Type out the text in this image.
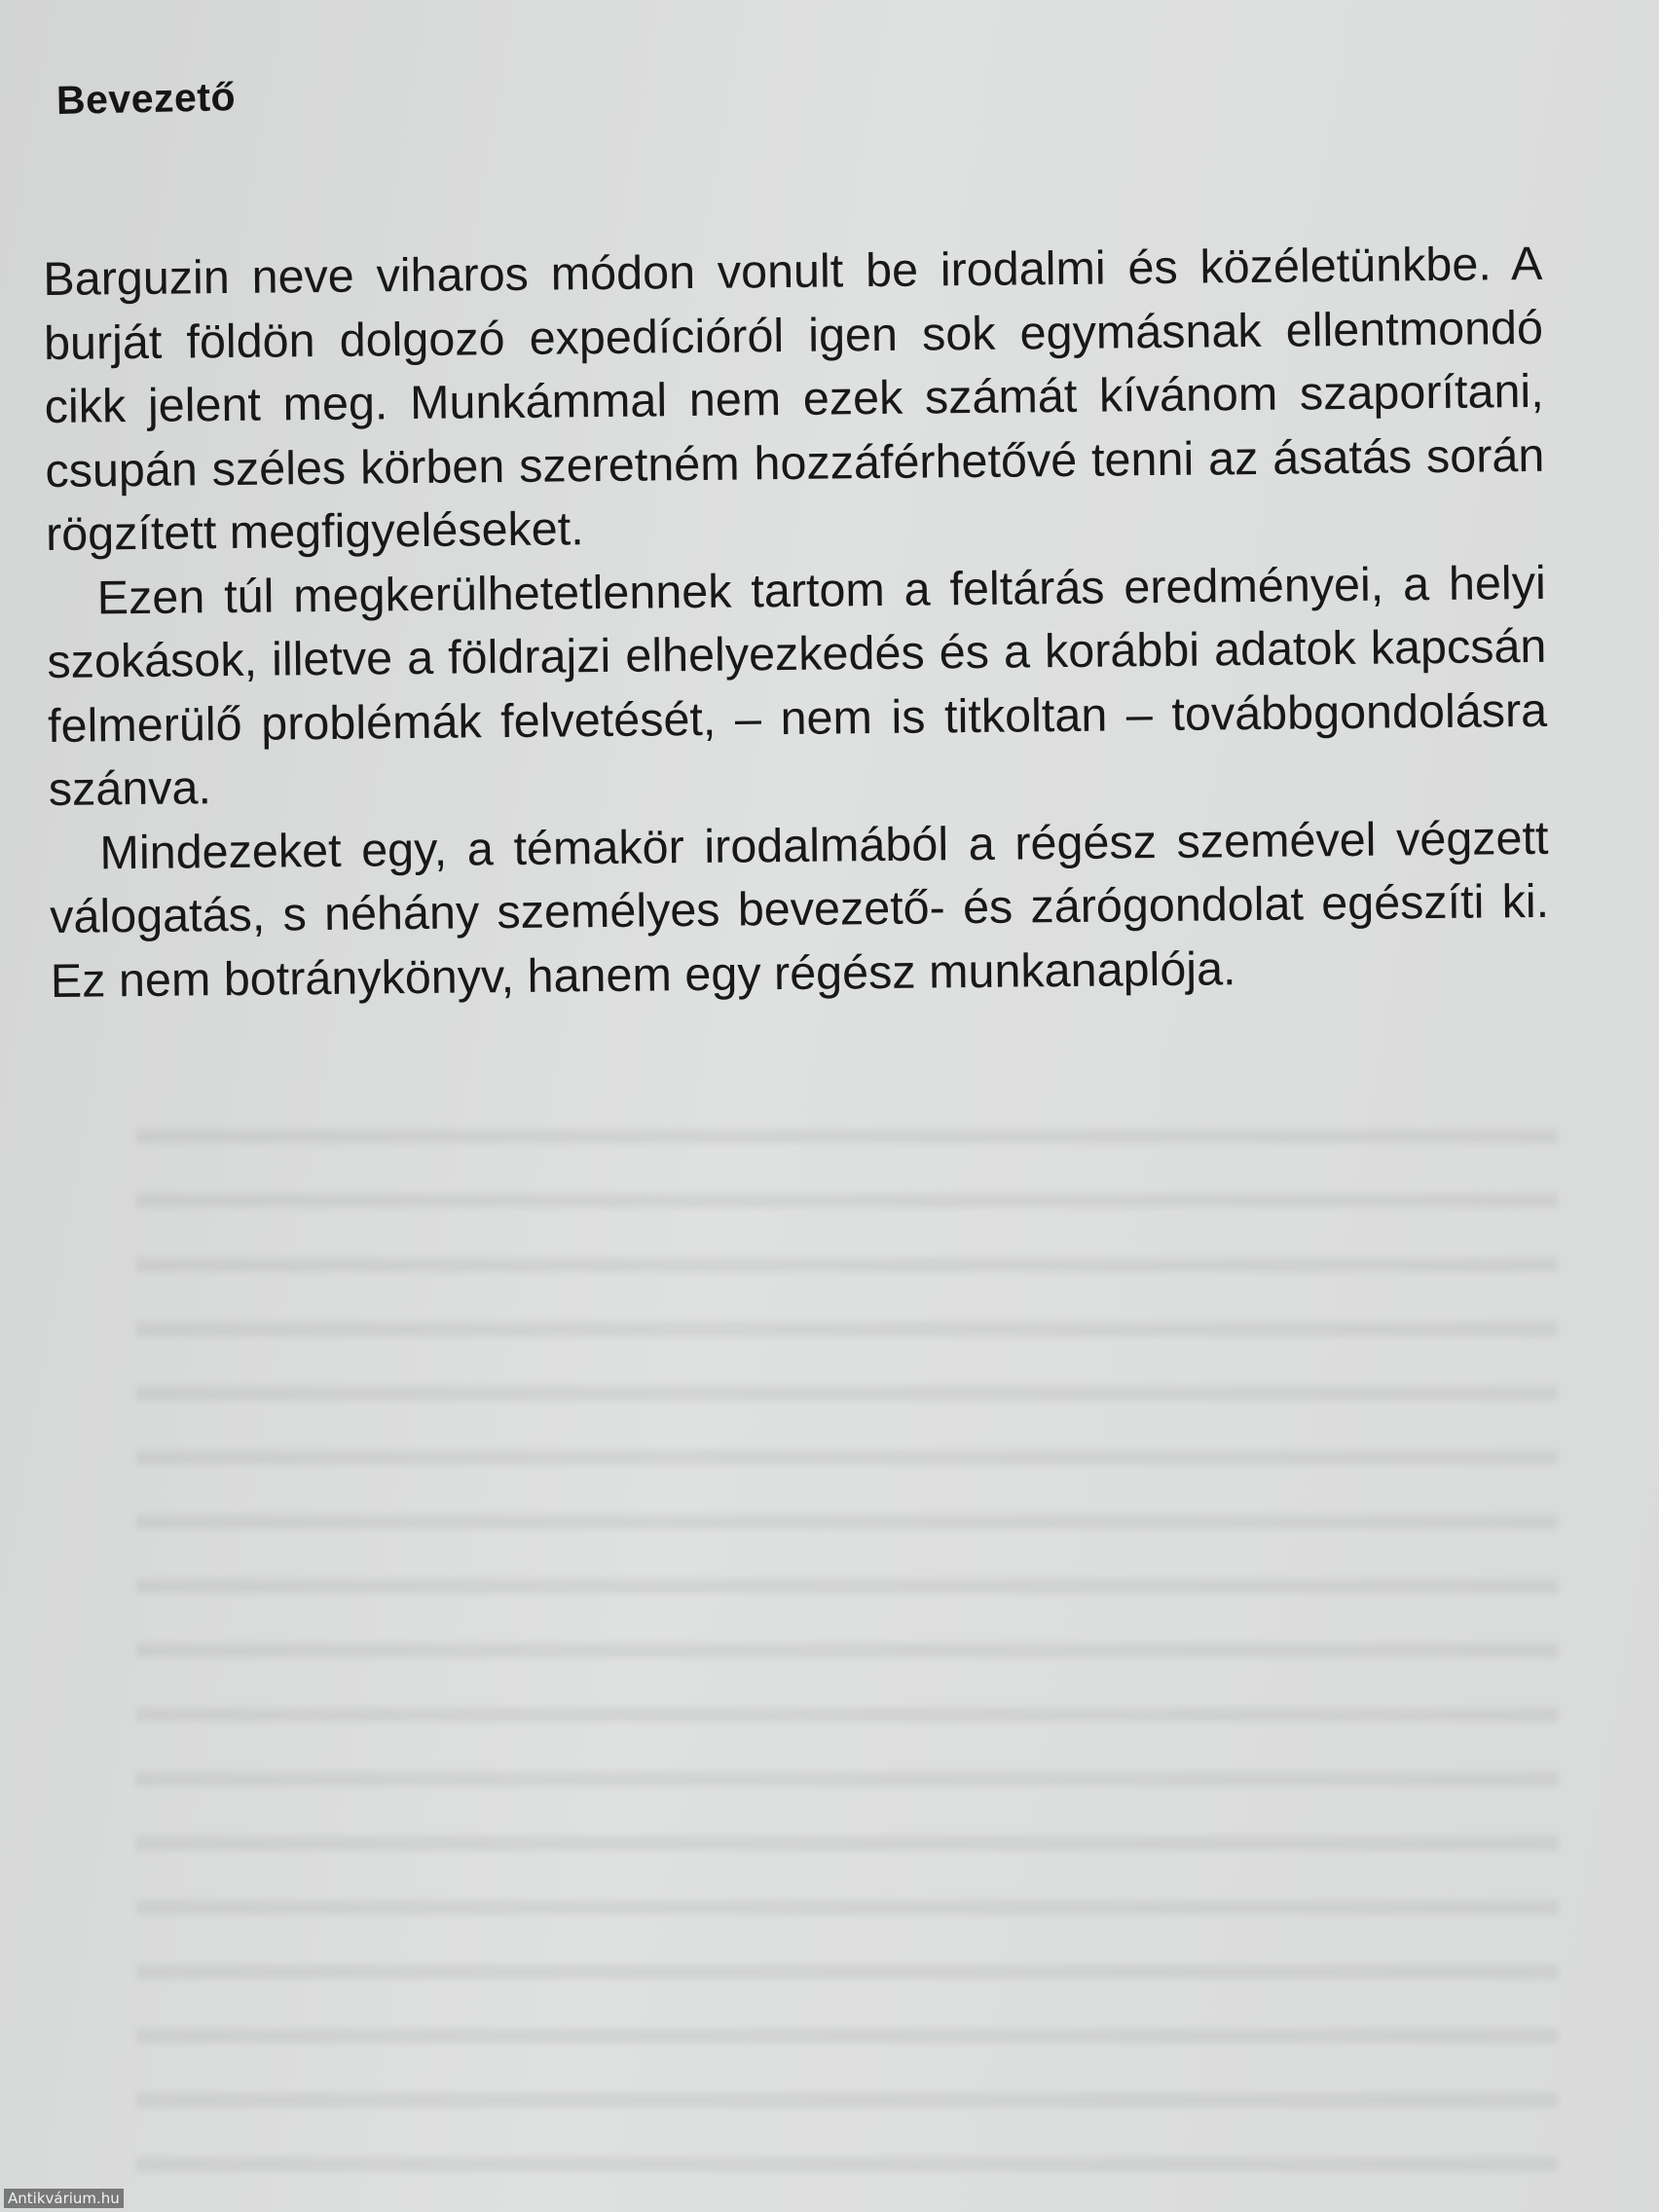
Bevezető

Barguzin neve viharos módon vonult be irodalmi és közéletünkbe. A burját földön dolgozó expedícióról igen sok egymásnak ellentmondó cikk jelent meg. Munkámmal nem ezek számát kívánom szaporítani, csupán széles körben szeretném hozzáférhetővé tenni az ásatás során rögzített megfigyeléseket.

Ezen túl megkerülhetetlennek tartom a feltárás eredményei, a helyi szokások, illetve a földrajzi elhelyezkedés és a korábbi adatok kapcsán felmerülő problémák felvetését, – nem is titkoltan – továbbgondolásra szánva.

Mindezeket egy, a témakör irodalmából a régész szemével végzett válogatás, s néhány személyes bevezető- és zárógondolat egészíti ki. Ez nem botránykönyv, hanem egy régész munkanaplója.

Antikvárium.hu
